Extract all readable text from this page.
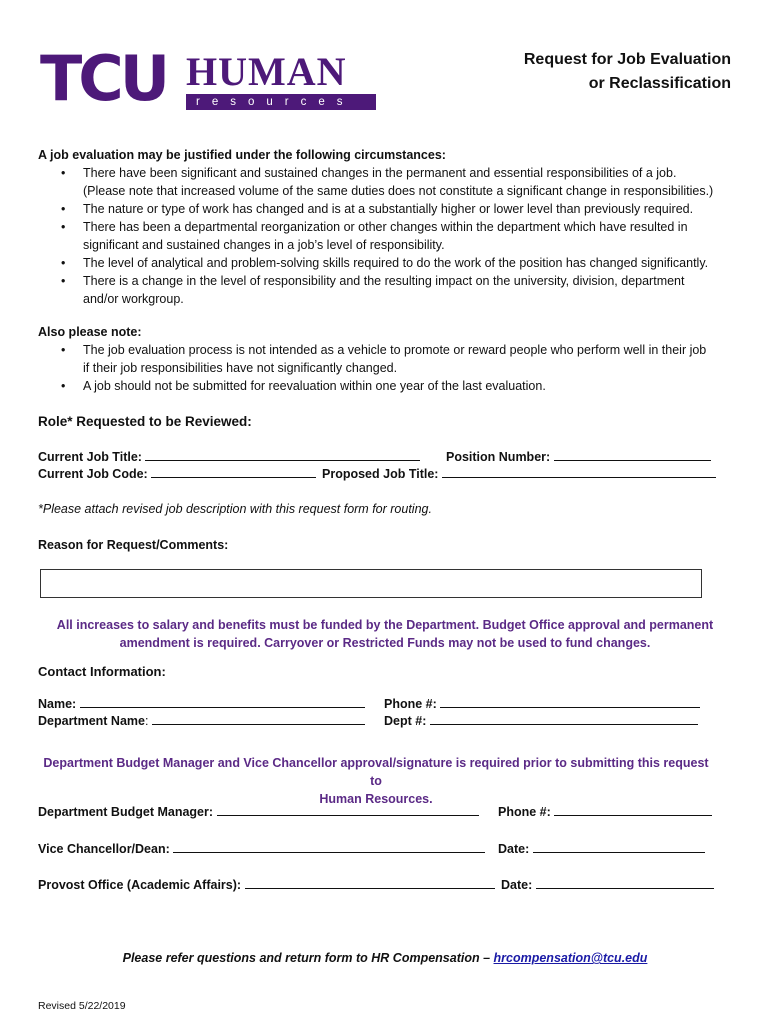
TCU HUMAN
resources
Request for Job Evaluation
or Reclassification
A job evaluation may be justified under the following circumstances:
• There have been significant and sustained changes in the permanent and essential responsibilities of a job.
(Please note that increased volume of the same duties does not constitute a significant change in responsibilities.)
• The nature or type of work has changed and is at a substantially higher or lower level than previously required.
• There has been a departmental reorganization or other changes within the department which have resulted in
significant and sustained changes in a job’s level of responsibility.
• The level of analytical and problem-solving skills required to do the work of the position has changed significantly.
• There is a change in the level of responsibility and the resulting impact on the university, division, department
and/or workgroup.
Also please note:
• The job evaluation process is not intended as a vehicle to promote or reward people who perform well in their job
if their job responsibilities have not significantly changed.
• A job should not be submitted for reevaluation within one year of the last evaluation.
Role* Requested to be Reviewed:
Current Job Title:	Position Number:
Current Job Code:	Proposed Job Title:
*Please attach revised job description with this request form for routing.
Reason for Request/Comments:
All increases to salary and benefits must be funded by the Department. Budget Office approval and permanent
amendment is required. Carryover or Restricted Funds may not be used to fund changes.
Contact Information:
Name:	Phone #:
Department Name:	Dept #:
Department Budget Manager and Vice Chancellor approval/signature is required prior to submitting this request to
Human Resources.
Department Budget Manager:	Phone #:
Vice Chancellor/Dean:	Date:
Provost Office (Academic Affairs):	Date:
Please refer questions and return form to HR Compensation – hrcompensation@tcu.edu
Revised 5/22/2019
